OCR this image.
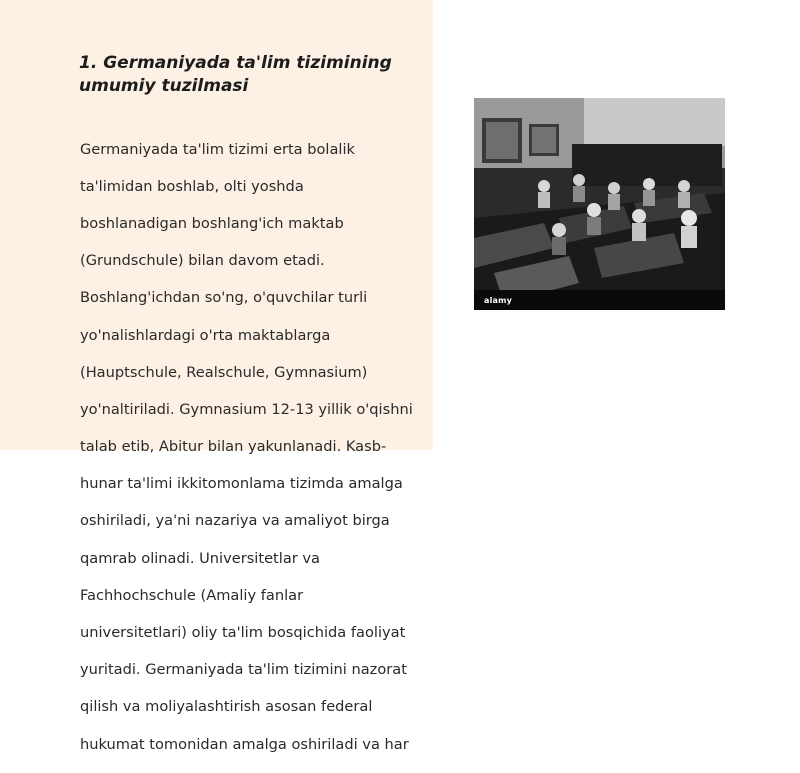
1. Germaniyada ta'lim tizimining
umumiy tuzilmasi

Germaniyada ta'lim tizimi erta bolalik

ta'limidan boshlab, olti yoshda

boshlanadigan boshlang'ich maktab

(Grundschule) bilan davom etadi.

Boshlang'ichdan so'ng, o'quvchilar turli

yo'nalishlardagi o'rta maktablarga

(Hauptschule, Realschule, Gymnasium)

yo'naltiriladi. Gymnasium 12-13 yillik o'qishni

talab etib, Abitur bilan yakunlanadi. Kasb-

hunar ta'limi ikkitomonlama tizimda amalga

oshiriladi, ya'ni nazariya va amaliyot birga

qamrab olinadi. Universitetlar va

Fachhochschule (Amaliy fanlar

universitetlari) oliy ta'lim bosqichida faoliyat

yuritadi. Germaniyada ta'lim tizimini nazorat

qilish va moliyalashtirish asosan federal

hukumat tomonidan amalga oshiriladi va har

alamy
